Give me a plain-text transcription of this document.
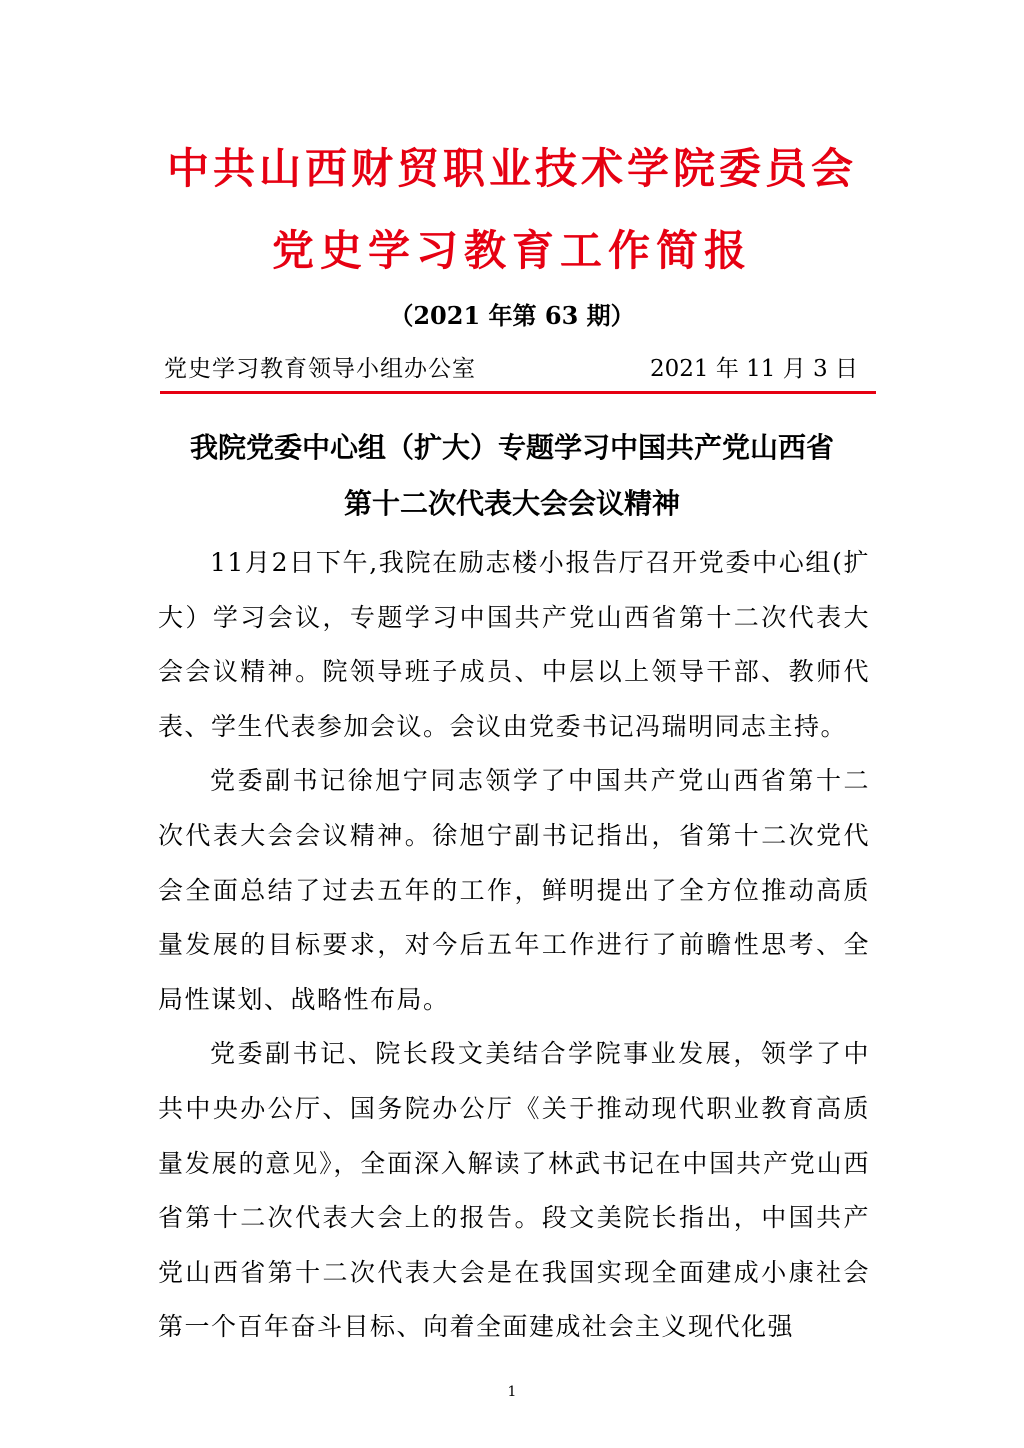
中共山西财贸职业技术学院委员会
党史学习教育工作简报
（2021 年第 63 期）
党史学习教育领导小组办公室	2021 年 11 月 3 日
我院党委中心组（扩大）专题学习中国共产党山西省
第十二次代表大会会议精神

11月2日下午,我院在励志楼小报告厅召开党委中心组(扩大）学习会议，专题学习中国共产党山西省第十二次代表大会会议精神。院领导班子成员、中层以上领导干部、教师代表、学生代表参加会议。会议由党委书记冯瑞明同志主持。

党委副书记徐旭宁同志领学了中国共产党山西省第十二次代表大会会议精神。徐旭宁副书记指出，省第十二次党代会全面总结了过去五年的工作，鲜明提出了全方位推动高质量发展的目标要求，对今后五年工作进行了前瞻性思考、全局性谋划、战略性布局。

党委副书记、院长段文美结合学院事业发展，领学了中共中央办公厅、国务院办公厅《关于推动现代职业教育高质量发展的意见》，全面深入解读了林武书记在中国共产党山西省第十二次代表大会上的报告。段文美院长指出，中国共产党山西省第十二次代表大会是在我国实现全面建成小康社会第一个百年奋斗目标、向着全面建成社会主义现代化强

1
